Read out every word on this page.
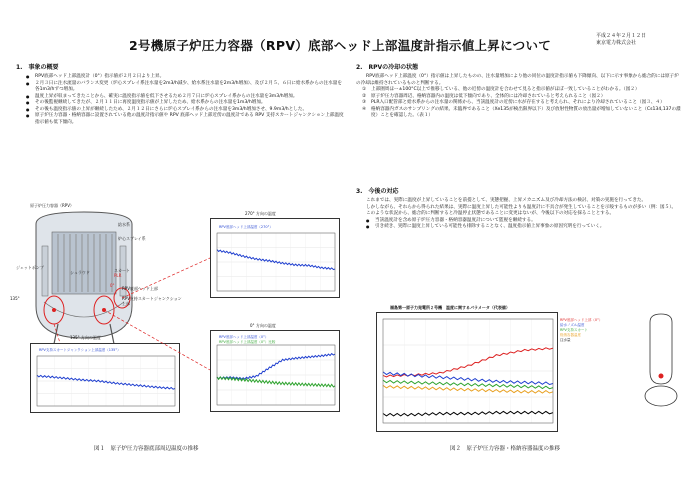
2号機原子炉圧力容器（RPV）底部ヘッド上部温度計指示値上昇について
平成２４年２月１２日
東京電力株式会社
1.　事象の概要
● RPV底部ヘッド上部温度計（0°）指示値が２月２日より上昇。
● ２月３日に注水流量のバランス変更（炉心スプレイ系注水量を2m3/h減少、給水系注水量を2m3/h増加）、及び２月５、６日に給水系からの注水量を各1m3/hずつ増加。
● 温度上昇が収まってきたことから、確実に温度指示値を低下させるため２月７日に炉心スプレイ系からの注水量を3m3/h増加。
● その後監視継続してきたが、２月１１日に再度温度指示値が上昇したため、給水系からの注水量を1m3/h増加。
● その後も温度指示値の上昇が継続したため、２月１２日にさらに炉心スプレイ系からの注水量を3m3/h増加させ、9.9m3/hとした。
● 原子炉圧力容器・格納容器に設置されている他の温度計指示値や RPV 底部ヘッド上部近傍の温度計である RPV 支持スカートジャンクション上部温度指示値も低下傾向。
2.　RPVの冷却の状態
RPV底部ヘッド上部温度（0°）指示値は上昇したものの、注水量増加により他の同位の温度計指示値も下降傾向、以下に示す事象から総合的には原子炉の冷却は維持されているものと判断する。
① 上部圏周ほー±100°C以上で推移している、他の近傍の温度計を合わせて見ると指示値がほぼ一致していることがわかる。（図２）
② 原子炉圧力容器周辺、格納容器内の温度は低下傾向であり、全体的には冷却されていると考えられること（図２）
③ PLR入口配管部と給水系からの注水量の関係から、当該温度計の近傍に水が存在すると考えられ、それにより冷却されていること（図３、４）
④ 格納容器内ガスのサンプリングの結果、未臨界であること（Xe135が検出限界以下）及び放射性物質の放出量が増加していないこと（Cs134,137の濃度）ことを確認した。（表１）
3.　今後の対応
これまでは、実際に温度が上昇していることを前提として、実態把握、上昇メカニズム及び冷却方法の検討、対策の実施を行ってきた。
しかしながら、それらから得られた結果は、実際に温度上昇した可能性よりも温度計に不具合が発生していることを示唆するものが多い（例：図５）。
このような状況から、総合的に判断すると冷温停止状態であることに変更はないが、今後以下の対応を採ることとする。
● 当該温度計を含め原子炉圧力容器・格納容器温度計について監視を継続する。
● 引き続き、実際に温度上昇している可能性も排除することなく、温度指示値上昇事象の原因究明を行っていく。
原子炉圧力容器（RPV）
給水系
炉心スプレイ系
シュラウド
ジェットポンプ
スカート
PLR
RPV底部ヘッド上部
RPV支持スカートジャンクション上部
135°
0°
270° 方向の温度
RPV底部ヘッド上部温度（270°）
0° 方向の温度
RPV底部ヘッド上部温度（0°）
RPV底部ヘッド上部温度（0°）比較
135° 方向の温度
RPV支持スカートジャンクション上部温度（135°）
図１　原子炉圧力容器底部周辺温度の推移
福島第一原子力発電所２号機　温度に関するパラメータ（代表値）
RPV底部ヘッド上部（0°）
給水ノズル温度
RPV支持スカート
格納容器温度
注水量
図２　原子炉圧力容器・格納容器温度の推移
